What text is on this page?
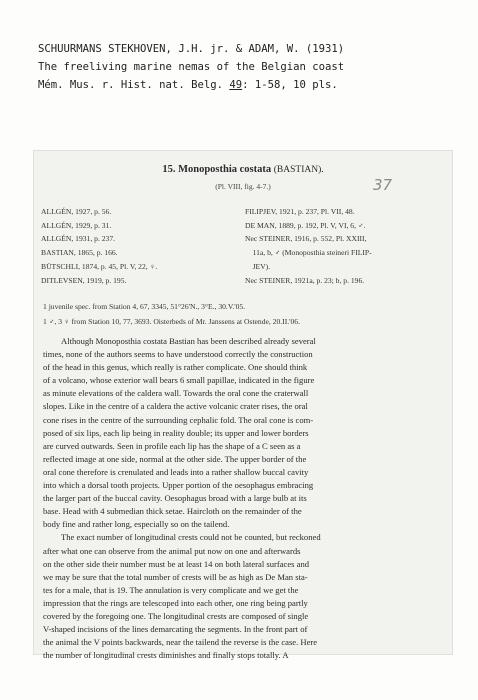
SCHUURMANS STEKHOVEN, J.H. jr. & ADAM, W. (1931)
The freeliving marine nemas of the Belgian coast
Mém. Mus. r. Hist. nat. Belg. 49: 1-58, 10 pls.
15. Monoposthia costata (BASTIAN).
37
(Pl. VIII, fig. 4-7.)
ALLGÉN, 1927, p. 56.
ALLGÉN, 1929, p. 31.
ALLGÉN, 1931, p. 237.
BASTIAN, 1865, p. 166.
BÜTSCHLI, 1874, p. 45, Pl. V, 22, ♀.
DITLEVSEN, 1919, p. 195.
FILIPJEV, 1921, p. 237, Pl. VII, 48.
DE MAN, 1889, p. 192, Pl. V, VI, 6, ♂.
Nec STEINER, 1916, p. 552, Pl. XXIII,
11a, b, ♂ (Monoposthia steineri FILIP-
JEV).
Nec STEINER, 1921a, p. 23; b, p. 196.
1 juvenile spec. from Station 4, 67, 3345, 51°26'N., 3°E., 30.V.'05.
1 ♂, 3 ♀ from Station 10, 77, 3693. Oisterbeds of Mr. Janssens at Ostende, 20.II.'06.
Although Monoposthia costata Bastian has been described already several
times, none of the authors seems to have understood correctly the construction
of the head in this genus, which really is rather complicate. One should think
of a volcano, whose exterior wall bears 6 small papillae, indicated in the figure
as minute elevations of the caldera wall. Towards the oral cone the craterwall
slopes. Like in the centre of a caldera the active volcanic crater rises, the oral
cone rises in the centre of the surrounding cephalic fold. The oral cone is com-
posed of six lips, each lip being in reality double; its upper and lower borders
are curved outwards. Seen in profile each lip has the shape of a C seen as a
reflected image at one side, normal at the other side. The upper border of the
oral cone therefore is crenulated and leads into a rather shallow buccal cavity
into which a dorsal tooth projects. Upper portion of the oesophagus embracing
the larger part of the buccal cavity. Oesophagus broad with a large bulb at its
base. Head with 4 submedian thick setae. Haircloth on the remainder of the
body fine and rather long, especially so on the tailend.
The exact number of longitudinal crests could not be counted, but reckoned
after what one can observe from the animal put now on one and afterwards
on the other side their number must be at least 14 on both lateral surfaces and
we may be sure that the total number of crests will be as high as De Man sta-
tes for a male, that is 19. The annulation is very complicate and we get the
impression that the rings are telescoped into each other, one ring being partly
covered by the foregoing one. The longitudinal crests are composed of single
V-shaped incisions of the lines demarcating the segments. In the front part of
the animal the V points backwards, near the tailend the reverse is the case. Here
the number of longitudinal crests diminishes and finally stops totally. A
